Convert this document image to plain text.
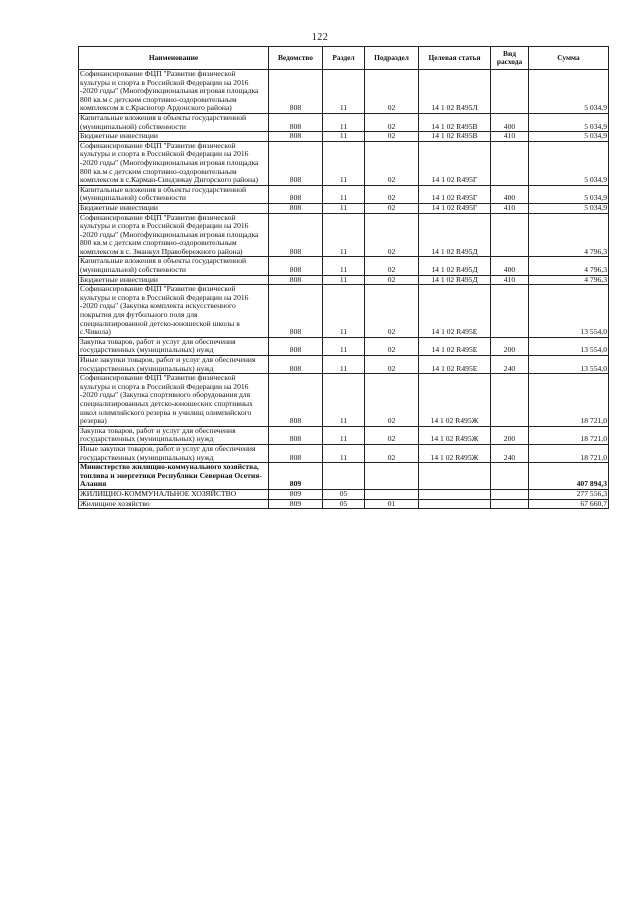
122
Наименование	Ведомство	Раздел	Подраздел	Целевая статья	Вид расхода	Сумма
Софинансирование ФЦП "Развитие физической культуры и спорта в Российской Федерации на 2016 -2020 годы" (Многофункциональная игровая площадка 800 кв.м с детским спортивно-оздоровительным комплексом в с.Красногор Ардонского района)	808	11	02	14 1 02 R495Л		5 034,9
Капитальные вложения в объекты государственной (муниципальной) собственности	808	11	02	14 1 02 R495В	400	5 034,9
Бюджетные инвестиции	808	11	02	14 1 02 R495В	410	5 034,9
Софинансирование ФЦП "Развитие физической культуры и спорта в Российской Федерации на 2016 -2020 годы" (Многофункциональная игровая площадка 800 кв.м с детским спортивно-оздоровительным комплексом в с.Карман-Синдзикау Дигорского района)	808	11	02	14 1 02 R495Г		5 034,9
Капитальные вложения в объекты государственной (муниципальной) собственности	808	11	02	14 1 02 R495Г	400	5 034,9
Бюджетные инвестиции	808	11	02	14 1 02 R495Г	410	5 034,9
Софинансирование ФЦП "Развитие физической культуры и спорта в Российской Федерации на 2016 -2020 годы" (Многофункциональная игровая площадка 800 кв.м с детским спортивно-оздоровительным комплексом в с. Зманкул Правобережного района)	808	11	02	14 1 02 R495Д		4 796,3
Капитальные вложения в объекты государственной (муниципальной) собственности	808	11	02	14 1 02 R495Д	400	4 796,3
Бюджетные инвестиции	808	11	02	14 1 02 R495Д	410	4 796,3
Софинансирование ФЦП "Развитие физической культуры и спорта в Российской Федерации на 2016 -2020 годы" (Закупка комплекта искусственного покрытия для футбольного поля для специализированной детско-юношеской школы в с.Чикола)	808	11	02	14 1 02 R495Е		13 554,0
Закупка товаров, работ и услуг для обеспечения государственных (муниципальных) нужд	808	11	02	14 1 02 R495Е	200	13 554,0
Иные закупки товаров, работ и услуг для обеспечения государственных (муниципальных) нужд	808	11	02	14 1 02 R495Е	240	13 554,0
Софинансирование ФЦП "Развитие физической культуры и спорта в Российской Федерации на 2016 -2020 годы" (Закупка спортивного оборудования для специализированных детско-юношеских спортивных школ олимпийского резерва и училищ олимпийского резерва)	808	11	02	14 1 02 R495Ж		18 721,0
Закупка товаров, работ и услуг для обеспечения государственных (муниципальных) нужд	808	11	02	14 1 02 R495Ж	200	18 721,0
Иные закупки товаров, работ и услуг для обеспечения государственных (муниципальных) нужд	808	11	02	14 1 02 R495Ж	240	18 721,0
Министерство жилищно-коммунального хозяйства, топлива и энергетики Республики Северная Осетия-Алания	809					407 894,3
ЖИЛИЩНО-КОММУНАЛЬНОЕ ХОЗЯЙСТВО	809	05				277 556,3
Жилищное хозяйство	809	05	01			67 660,7
